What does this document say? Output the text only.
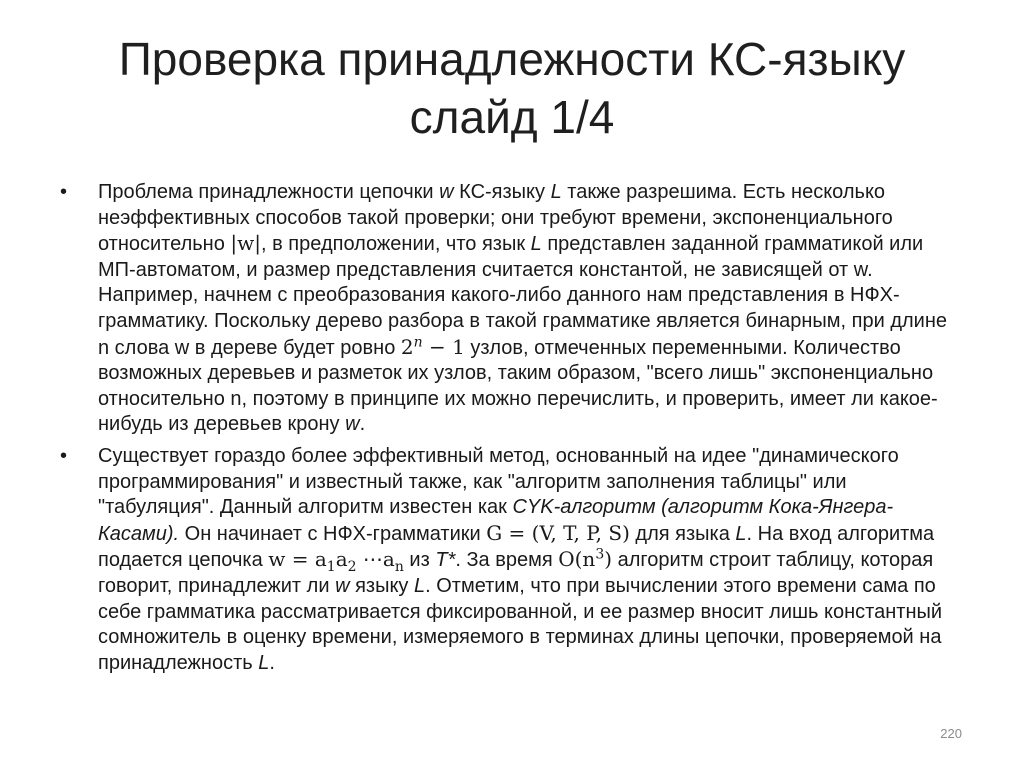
Проверка принадлежности КС-языку
слайд 1/4
• Проблема принадлежности цепочки w КС-языку L также разрешима. Есть несколько неэффективных способов такой проверки; они требуют времени, экспоненциального относительно |w|, в предположении, что язык L представлен заданной грамматикой или МП-автоматом, и размер представления считается константой, не зависящей от w. Например, начнем с преобразования какого-либо данного нам представления в НФХ-грамматику. Поскольку дерево разбора в такой грамматике является бинарным, при длине n слова w в дереве будет ровно $2^n - 1$ узлов, отмеченных переменными. Количество возможных деревьев и разметок их узлов, таким образом, "всего лишь" экспоненциально относительно n, поэтому в принципе их можно перечислить, и проверить, имеет ли какое-нибудь из деревьев крону w.
• Существует гораздо более эффективный метод, основанный на идее "динамического программирования" и известный также, как "алгоритм заполнения таблицы" или "табуляция". Данный алгоритм известен как CYK-алгоритм (алгоритм Кока-Янгера-Касами). Он начинает с НФХ-грамматики G = (V, T, P, S) для языка L. На вход алгоритма подается цепочка $w = a_1a_2$ $\cdots a_n$ из T*. За время $O(n^3)$ алгоритм строит таблицу, которая говорит, принадлежит ли w языку L. Отметим, что при вычислении этого времени сама по себе грамматика рассматривается фиксированной, и ее размер вносит лишь константный сомножитель в оценку времени, измеряемого в терминах длины цепочки, проверяемой на принадлежность L.
220
